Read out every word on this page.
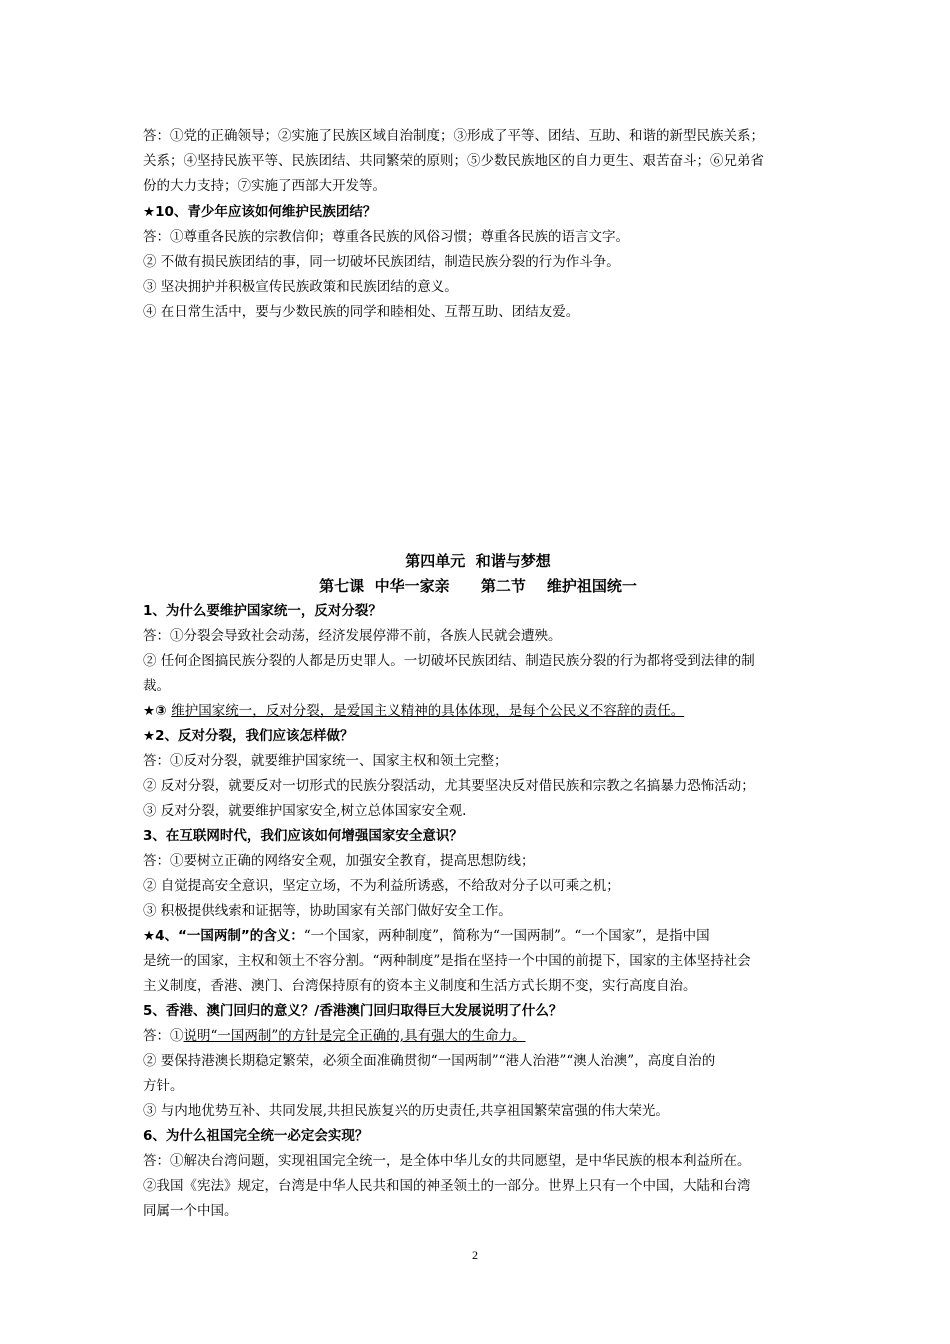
答：①党的正确领导；②实施了民族区域自治制度；③形成了平等、团结、互助、和谐的新型民族关系；
关系；④坚持民族平等、民族团结、共同繁荣的原则；⑤少数民族地区的自力更生、艰苦奋斗；⑥兄弟省
份的大力支持；⑦实施了西部大开发等。
★10、青少年应该如何维护民族团结？
答：①尊重各民族的宗教信仰；尊重各民族的风俗习惯；尊重各民族的语言文字。
② 不做有损民族团结的事，同一切破坏民族团结，制造民族分裂的行为作斗争。
③ 坚决拥护并积极宣传民族政策和民族团结的意义。
④ 在日常生活中，要与少数民族的同学和睦相处、互帮互助、团结友爱。
第四单元  和谐与梦想
第七课  中华一家亲      第二节    维护祖国统一
1、为什么要维护国家统一，反对分裂？
答：①分裂会导致社会动荡，经济发展停滞不前，各族人民就会遭殃。
② 任何企图搞民族分裂的人都是历史罪人。一切破坏民族团结、制造民族分裂的行为都将受到法律的制
裁。
★③ 维护国家统一，反对分裂，是爱国主义精神的具体体现，是每个公民义不容辞的责任。
★2、反对分裂，我们应该怎样做？
答：①反对分裂，就要维护国家统一、国家主权和领土完整；
② 反对分裂，就要反对一切形式的民族分裂活动，尤其要坚决反对借民族和宗教之名搞暴力恐怖活动；
③ 反对分裂，就要维护国家安全,树立总体国家安全观.
3、在互联网时代，我们应该如何增强国家安全意识？
答：①要树立正确的网络安全观，加强安全教育，提高思想防线；
② 自觉提高安全意识，坚定立场，不为利益所诱惑，不给敌对分子以可乘之机；
③ 积极提供线索和证据等，协助国家有关部门做好安全工作。
★4、“一国两制”的含义：“一个国家，两种制度”，简称为“一国两制”。“一个国家”，是指中国
是统一的国家，主权和领土不容分割。“两种制度”是指在坚持一个中国的前提下，国家的主体坚持社会
主义制度，香港、澳门、台湾保持原有的资本主义制度和生活方式长期不变，实行高度自治。
5、香港、澳门回归的意义？/香港澳门回归取得巨大发展说明了什么？
答：①说明“一国两制”的方针是完全正确的,具有强大的生命力。
② 要保持港澳长期稳定繁荣，必须全面准确贯彻“一国两制”“港人治港”“澳人治澳”，高度自治的
方针。
③ 与内地优势互补、共同发展,共担民族复兴的历史责任,共享祖国繁荣富强的伟大荣光。
6、为什么祖国完全统一必定会实现？
答：①解决台湾问题，实现祖国完全统一，是全体中华儿女的共同愿望，是中华民族的根本利益所在。
②我国《宪法》规定，台湾是中华人民共和国的神圣领土的一部分。世界上只有一个中国，大陆和台湾
同属一个中国。
2
